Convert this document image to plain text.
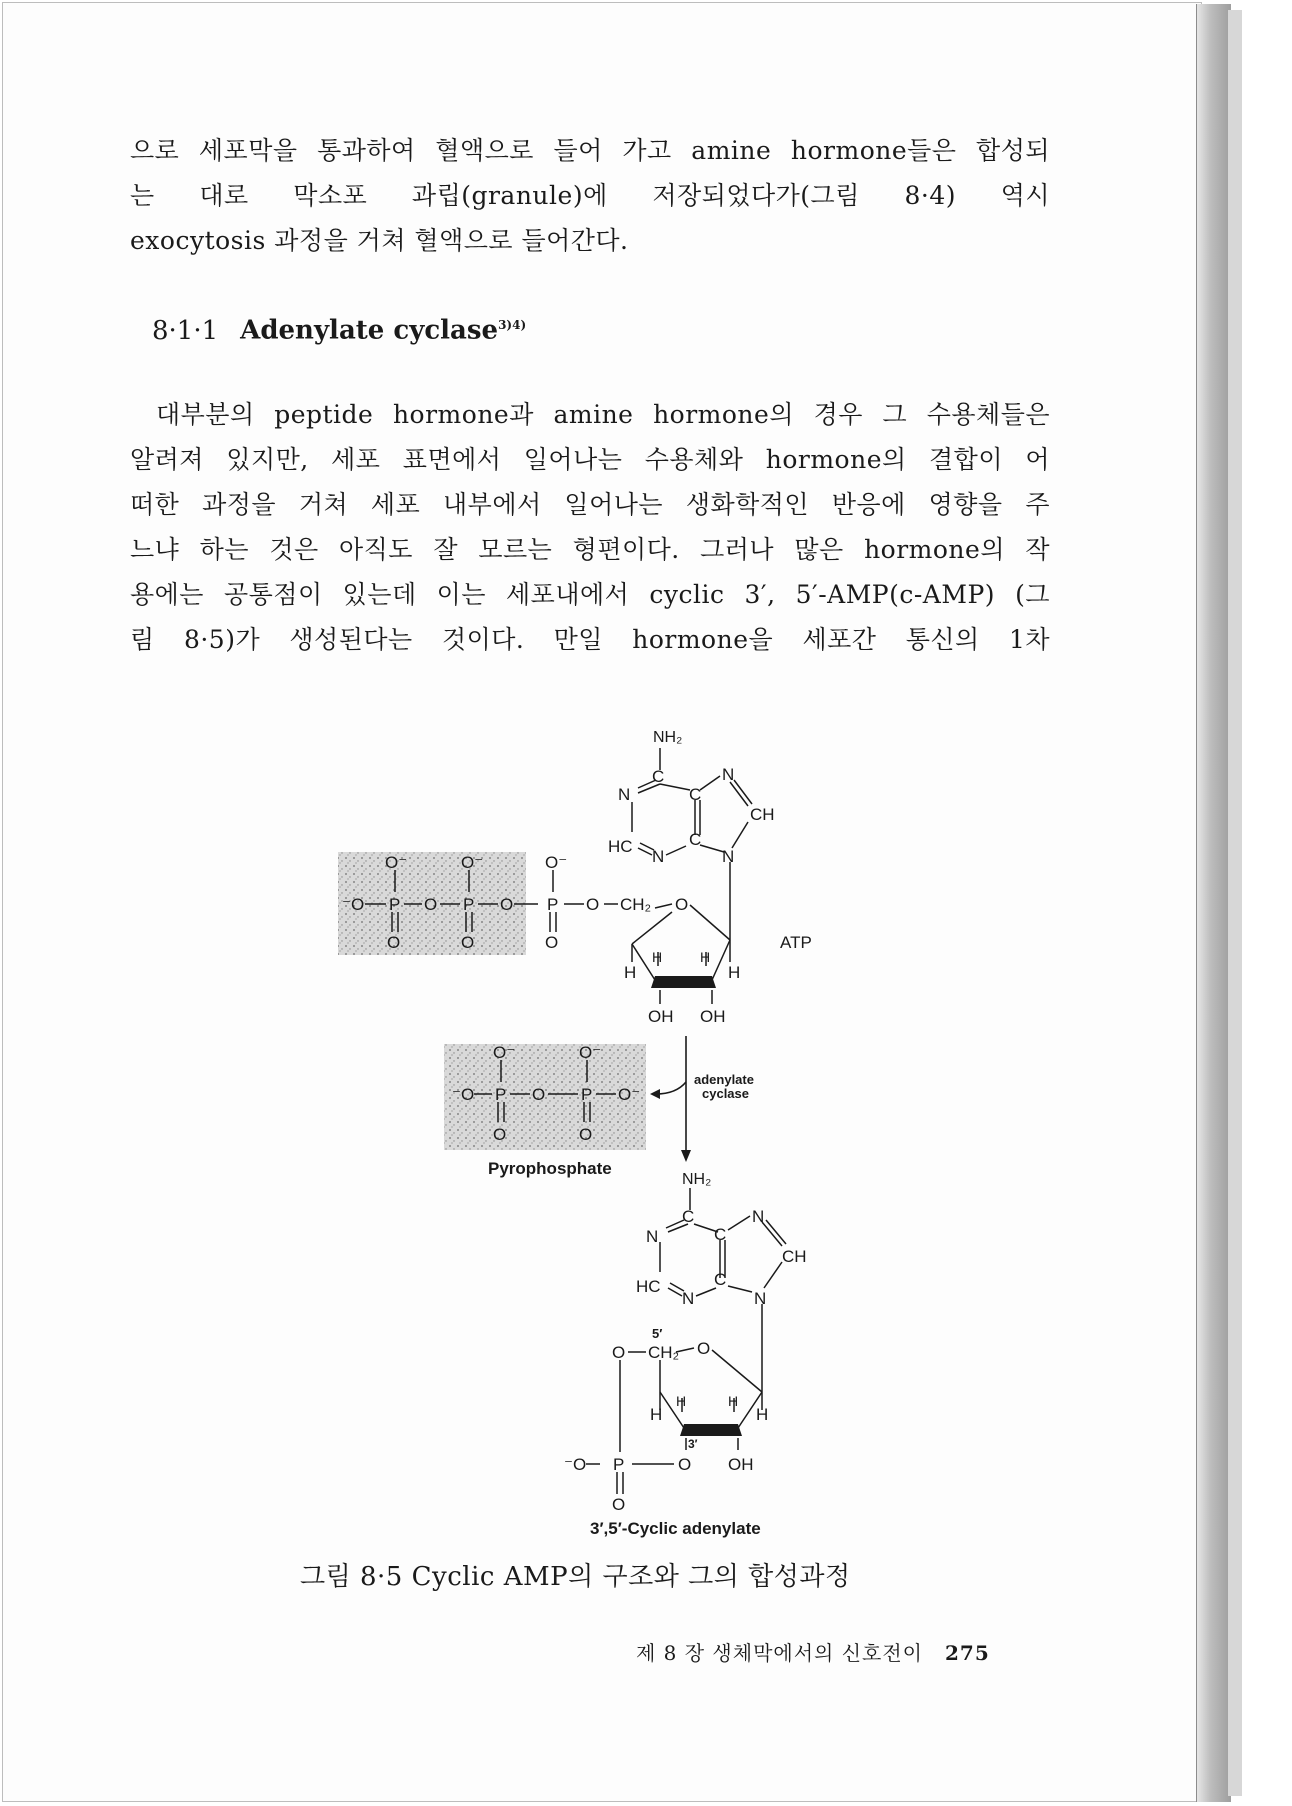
으로 세포막을 통과하여 혈액으로 들어 가고 amine hormone들은 합성되
는 대로 막소포 과립(granule)에 저장되었다가(그림 8·4) 역시
exocytosis 과정을 거쳐 혈액으로 들어간다.
8·1·1 Adenylate cyclase$^{3)4)}$
대부분의 peptide hormone과 amine hormone의 경우 그 수용체들은
알려져 있지만, 세포 표면에서 일어나는 수용체와 hormone의 결합이 어
떠한 과정을 거쳐 세포 내부에서 일어나는 생화학적인 반응에 영향을 주
느냐 하는 것은 아직도 잘 모르는 형편이다. 그러나 많은 hormone의 작
용에는 공통점이 있는데 이는 세포내에서 cyclic 3′, 5′-AMP(c-AMP) (그
림 8·5)가 생성된다는 것이다. 만일 hormone을 세포간 통신의 1차
NH₂
C
N
HC
N
C
C
N
CH
N
O⁻	O⁻	O⁻
⁻O P O P O P O CH₂
O	O	O
O
H
H	H
H
OH OH
ATP
adenylate
cyclase
O⁻	O⁻
⁻O P O P O⁻
O	O
Pyrophosphate
NH₂
C
N
HC
N
C
C
N
CH
N
O CH₂
5′
O
H
H	H
H
3′
⁻O P	O OH
O
3′,5′-Cyclic adenylate
그림 8·5 Cyclic AMP의 구조와 그의 합성과정
제 8 장 생체막에서의 신호전이 275
